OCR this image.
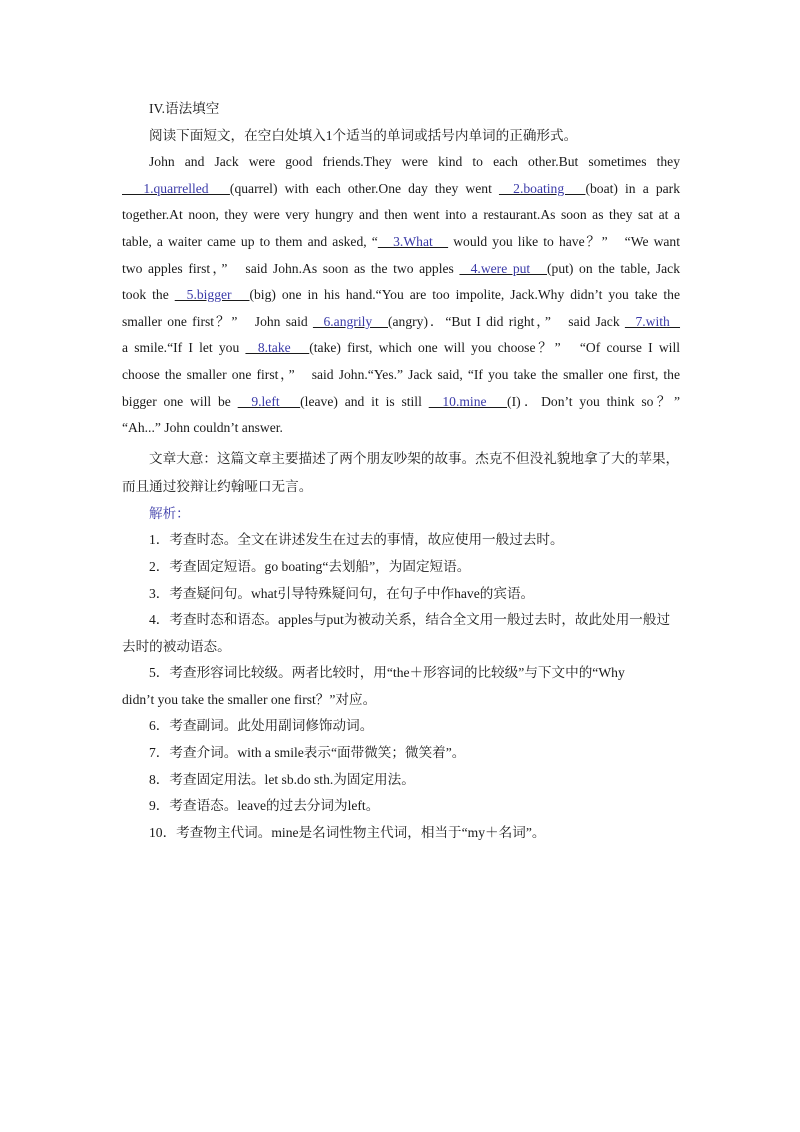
IV.语法填空
阅读下面短文，在空白处填入1个适当的单词或括号内单词的正确形式。
John and Jack were good friends.They were kind to each other.But sometimes they
1.quarrelled   (quarrel) with each other.One day they went   2.boating   (boat) in a park
together.At noon, they were very hungry and then went into a restaurant.As soon as they sat at a
table, a waiter came up to them and asked, “   3.What    would you like to have？”　“We want
two apples first，”　said John.As soon as the two apples   4.were put   (put) on the table, Jack
took the   5.bigger   (big) one in his hand.“You are too impolite, Jack.Why didn’t you take the
smaller one first？”　John said   6.angrily   (angry)．“But I did right，”　said Jack   7.with
a smile.“If I let you   8.take   (take) first, which one will you choose？”　“Of course I will
choose the smaller one first，”　said John.“Yes.” Jack said, “If you take the smaller one first, the
bigger one will be   9.left   (leave) and it is still   10.mine   (I)．Don’t you think so？”
“Ah...” John couldn’t answer.
文章大意：这篇文章主要描述了两个朋友吵架的故事。杰克不但没礼貌地拿了大的苹果，
而且通过狡辩让约翰哑口无言。
解析：
1．考查时态。全文在讲述发生在过去的事情，故应使用一般过去时。
2．考查固定短语。go boating“去划船”，为固定短语。
3．考查疑问句。what引导特殊疑问句，在句子中作have的宾语。
4．考查时态和语态。apples与put为被动关系，结合全文用一般过去时，故此处用一般过
去时的被动语态。
5．考查形容词比较级。两者比较时，用“the＋形容词的比较级”与下文中的“Why
didn’t you take the smaller one first？”对应。
6．考查副词。此处用副词修饰动词。
7．考查介词。with a smile表示“面带微笑；微笑着”。
8．考查固定用法。let sb.do sth.为固定用法。
9．考查语态。leave的过去分词为left。
10．考查物主代词。mine是名词性物主代词，相当于“my＋名词”。
